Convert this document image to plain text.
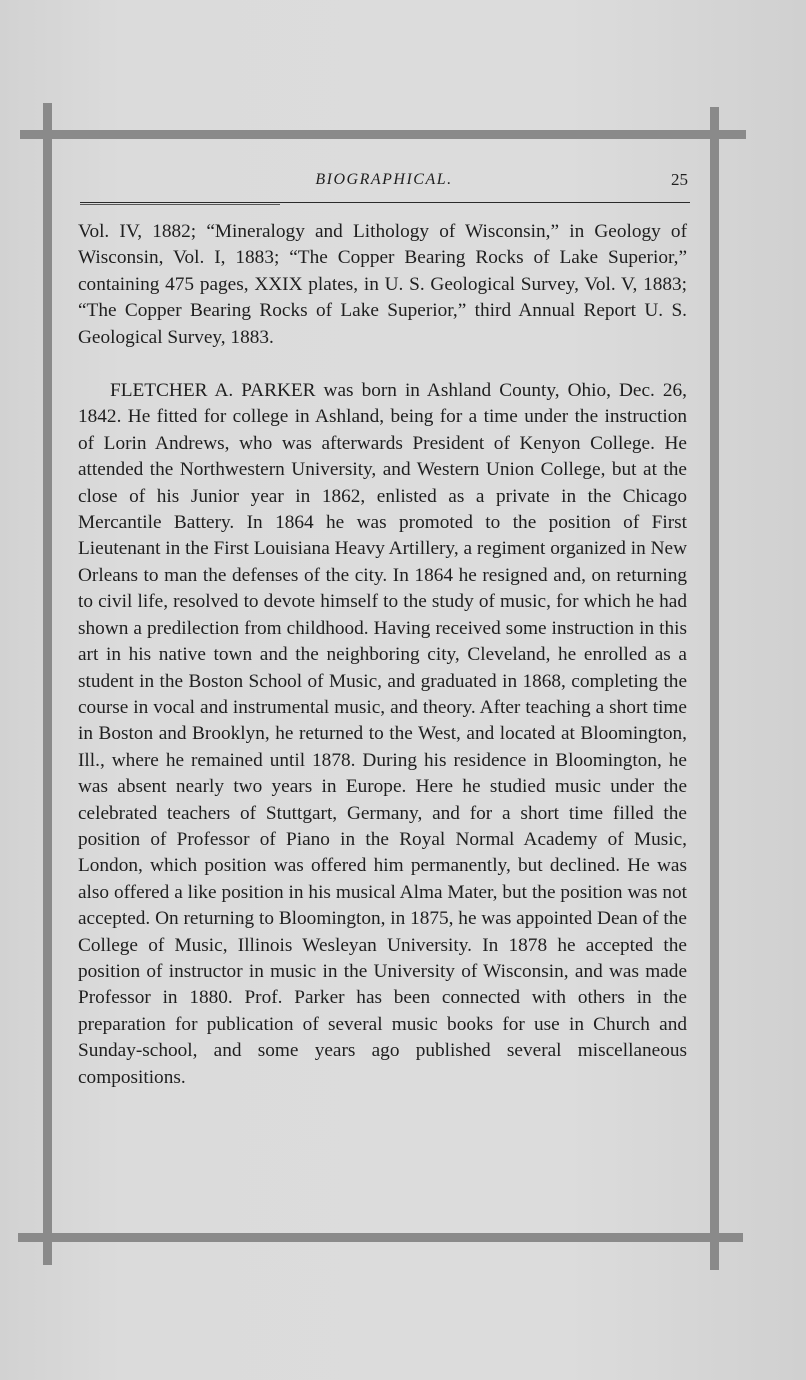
BIOGRAPHICAL.	25

Vol. IV, 1882; “Mineralogy and Lithology of Wisconsin,” in Geology of Wisconsin, Vol. I, 1883; “The Copper Bearing Rocks of Lake Superior,” containing 475 pages, XXIX plates, in U. S. Geological Survey, Vol. V, 1883; “The Copper Bearing Rocks of Lake Superior,” third Annual Report U. S. Geological Survey, 1883.

FLETCHER A. PARKER was born in Ashland County, Ohio, Dec. 26, 1842. He fitted for college in Ashland, being for a time under the instruction of Lorin Andrews, who was afterwards President of Kenyon College. He attended the Northwestern University, and Western Union College, but at the close of his Junior year in 1862, enlisted as a private in the Chicago Mercantile Battery. In 1864 he was promoted to the position of First Lieutenant in the First Louisiana Heavy Artillery, a regiment organized in New Orleans to man the defenses of the city. In 1864 he resigned and, on returning to civil life, resolved to devote himself to the study of music, for which he had shown a predilection from childhood. Having received some instruction in this art in his native town and the neighboring city, Cleveland, he enrolled as a student in the Boston School of Music, and graduated in 1868, completing the course in vocal and instrumental music, and theory. After teaching a short time in Boston and Brooklyn, he returned to the West, and located at Bloomington, Ill., where he remained until 1878. During his residence in Bloomington, he was absent nearly two years in Europe. Here he studied music under the celebrated teachers of Stuttgart, Germany, and for a short time filled the position of Professor of Piano in the Royal Normal Academy of Music, London, which position was offered him permanently, but declined. He was also offered a like position in his musical Alma Mater, but the position was not accepted. On returning to Bloomington, in 1875, he was appointed Dean of the College of Music, Illinois Wesleyan University. In 1878 he accepted the position of instructor in music in the University of Wisconsin, and was made Professor in 1880. Prof. Parker has been connected with others in the preparation for publication of several music books for use in Church and Sunday-school, and some years ago published several miscellaneous compositions.
